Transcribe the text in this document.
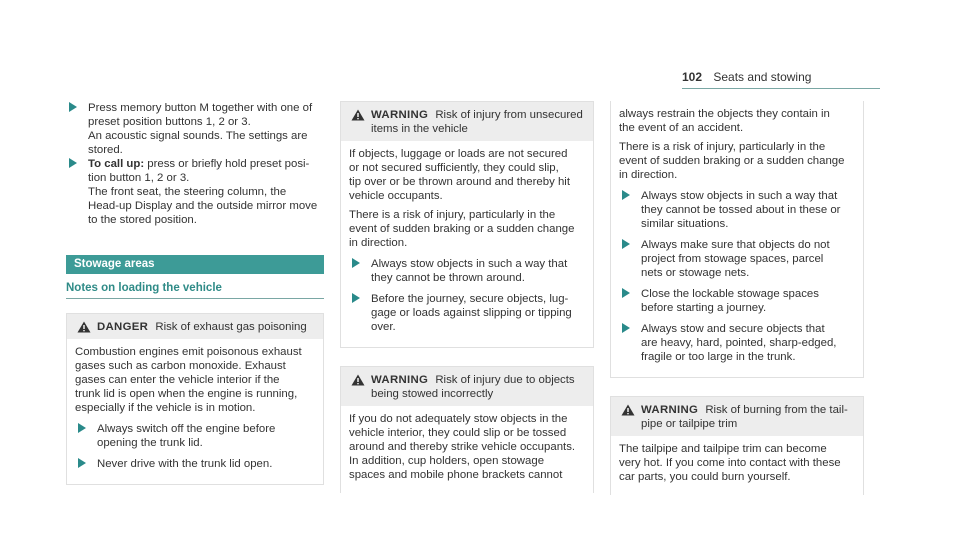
102 Seats and stowing
Press memory button M together with one of
preset position buttons 1, 2 or 3.
An acoustic signal sounds. The settings are
stored.
To call up: press or briefly hold preset posi-
tion button 1, 2 or 3.
The front seat, the steering column, the
Head-up Display and the outside mirror move
to the stored position.
Stowage areas
Notes on loading the vehicle
DANGER Risk of exhaust gas poisoning

Combustion engines emit poisonous exhaust
gases such as carbon monoxide. Exhaust
gases can enter the vehicle interior if the
trunk lid is open when the engine is running,
especially if the vehicle is in motion.

Always switch off the engine before
opening the trunk lid.
Never drive with the trunk lid open.
WARNING Risk of injury from unsecured
items in the vehicle

If objects, luggage or loads are not secured
or not secured sufficiently, they could slip,
tip over or be thrown around and thereby hit
vehicle occupants.

There is a risk of injury, particularly in the
event of sudden braking or a sudden change
in direction.

Always stow objects in such a way that
they cannot be thrown around.
Before the journey, secure objects, lug-
gage or loads against slipping or tipping
over.
WARNING Risk of injury due to objects
being stowed incorrectly

If you do not adequately stow objects in the
vehicle interior, they could slip or be tossed
around and thereby strike vehicle occupants.
In addition, cup holders, open stowage
spaces and mobile phone brackets cannot

always restrain the objects they contain in
the event of an accident.

There is a risk of injury, particularly in the
event of sudden braking or a sudden change
in direction.

Always stow objects in such a way that
they cannot be tossed about in these or
similar situations.
Always make sure that objects do not
project from stowage spaces, parcel
nets or stowage nets.
Close the lockable stowage spaces
before starting a journey.
Always stow and secure objects that
are heavy, hard, pointed, sharp-edged,
fragile or too large in the trunk.
WARNING Risk of burning from the tail-
pipe or tailpipe trim

The tailpipe and tailpipe trim can become
very hot. If you come into contact with these
car parts, you could burn yourself.
